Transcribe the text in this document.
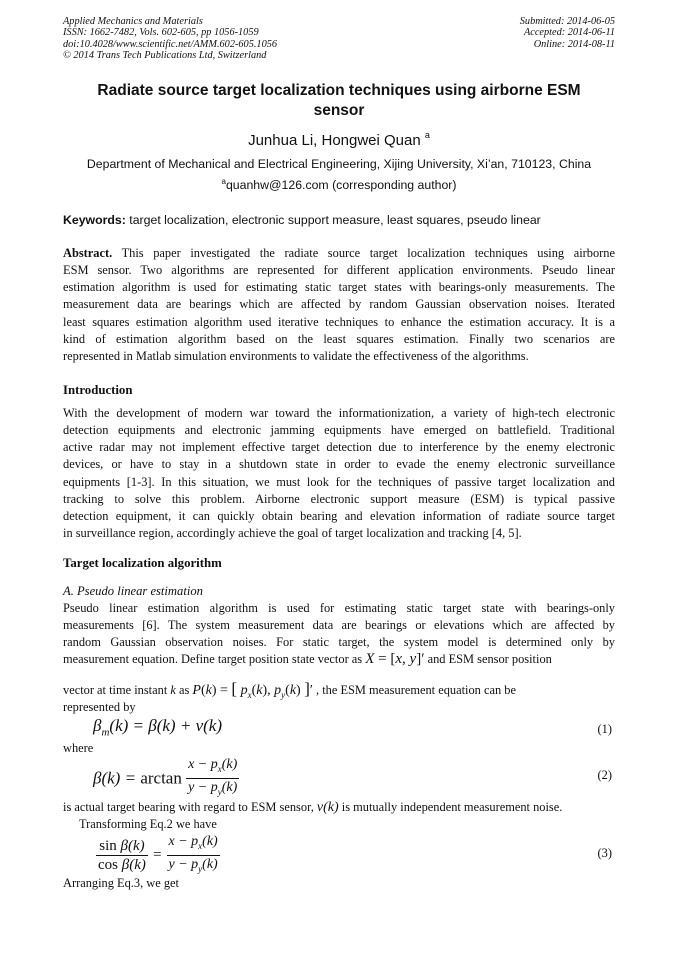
Applied Mechanics and Materials
ISSN: 1662-7482, Vols. 602-605, pp 1056-1059
doi:10.4028/www.scientific.net/AMM.602-605.1056
© 2014 Trans Tech Publications Ltd, Switzerland
Submitted: 2014-06-05
Accepted: 2014-06-11
Online: 2014-08-11
Radiate source target localization techniques using airborne ESM
sensor
Junhua Li, Hongwei Quan $^a$
Department of Mechanical and Electrical Engineering, Xijing University, Xi’an, 710123, China
$^a$quanhw@126.com (corresponding author)
Keywords: target localization, electronic support measure, least squares, pseudo linear
Abstract. This paper investigated the radiate source target localization techniques using airborne
ESM sensor. Two algorithms are represented for different application environments. Pseudo linear
estimation algorithm is used for estimating static target states with bearings-only measurements. The
measurement data are bearings which are affected by random Gaussian observation noises. Iterated
least squares estimation algorithm used iterative techniques to enhance the estimation accuracy. It is a
kind of estimation algorithm based on the least squares estimation. Finally two scenarios are
represented in Matlab simulation environments to validate the effectiveness of the algorithms.
Introduction
With the development of modern war toward the informationization, a variety of high-tech electronic
detection equipments and electronic jamming equipments have emerged on battlefield. Traditional
active radar may not implement effective target detection due to interference by the enemy electronic
devices, or have to stay in a shutdown state in order to evade the enemy electronic surveillance
equipments [1-3]. In this situation, we must look for the techniques of passive target localization and
tracking to solve this problem. Airborne electronic support measure (ESM) is typical passive
detection equipment, it can quickly obtain bearing and elevation information of radiate source target
in surveillance region, accordingly achieve the goal of target localization and tracking [4, 5].
Target localization algorithm
A. Pseudo linear estimation
Pseudo linear estimation algorithm is used for estimating static target state with bearings-only
measurements [6]. The system measurement data are bearings or elevations which are affected by
random Gaussian observation noises. For static target, the system model is determined only by
measurement equation. Define target position state vector as X = [x, y]′ and ESM sensor position
vector at time instant k as P(k) = [ $p_x(k)$, $p_y(k)$ ]′ , the ESM measurement equation can be
represented by
$\beta_m(k) = \beta(k) + v(k)$	(1)
where
$\beta(k) = \arctan \frac{x - p_x(k)}{y - p_y(k)}$	(2)
is actual target bearing with regard to ESM sensor, v(k) is mutually independent measurement noise.
Transforming Eq.2 we have
$\frac{\text{sin β(k)}}{\text{cos β(k)}} = \frac{x - p_x(k)}{y - p_y(k)}$	(3)
Arranging Eq.3, we get
